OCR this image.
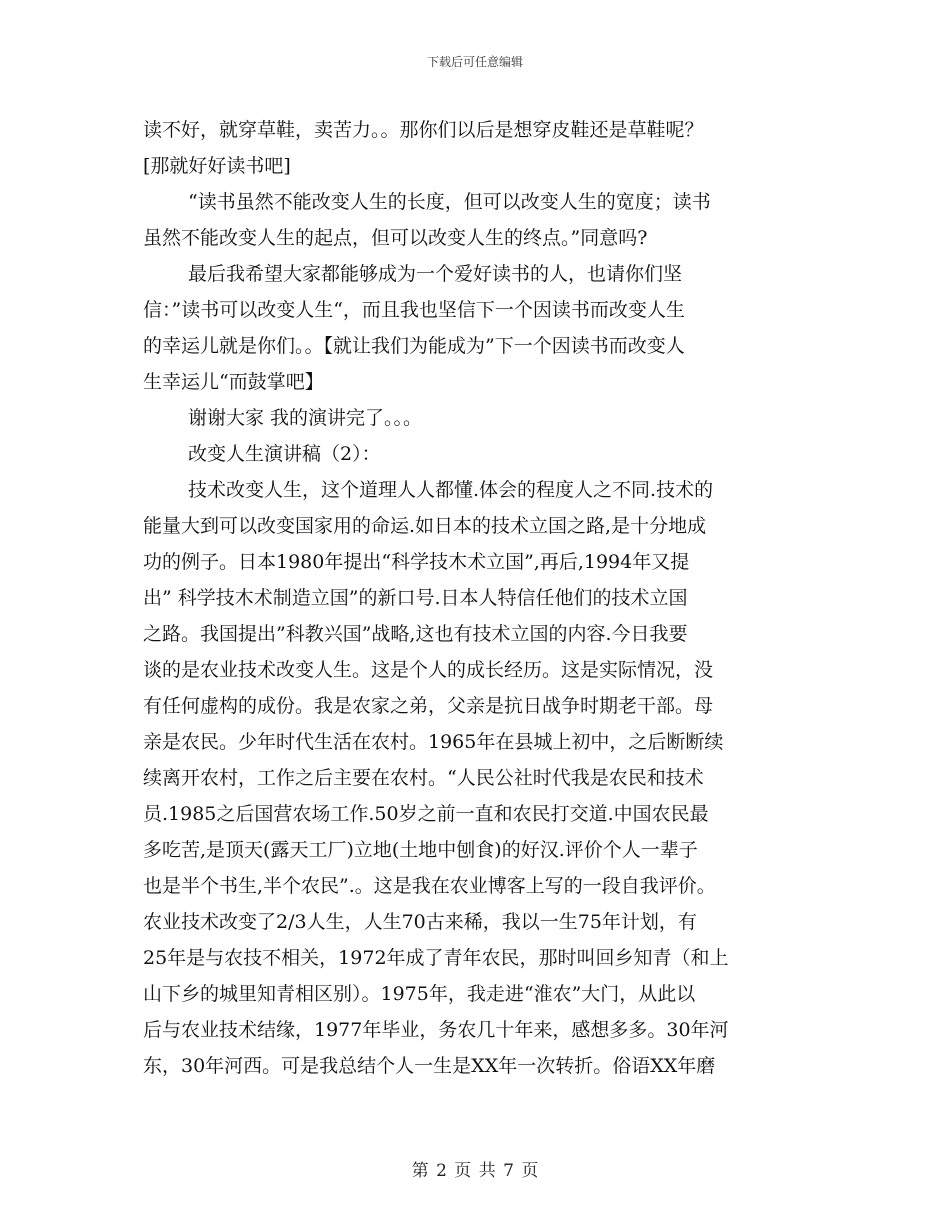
下载后可任意编辑
读不好，就穿草鞋，卖苦力。。那你们以后是想穿皮鞋还是草鞋呢？
[那就好好读书吧]
“读书虽然不能改变人生的长度，但可以改变人生的宽度；读书
虽然不能改变人生的起点，但可以改变人生的终点。”同意吗?
最后我希望大家都能够成为一个爱好读书的人，也请你们坚
信：”读书可以改变人生“，而且我也坚信下一个因读书而改变人生
的幸运儿就是你们。。【就让我们为能成为”下一个因读书而改变人
生幸运儿“而鼓掌吧】
谢谢大家 我的演讲完了。。。
改变人生演讲稿（2）：
技术改变人生，这个道理人人都懂.体会的程度人之不同.技术的
能量大到可以改变国家用的命运.如日本的技术立国之路,是十分地成
功的例子。日本1980年提出“科学技木术立国”,再后,1994年又提
出” 科学技木术制造立国”的新口号.日本人特信任他们的技术立国
之路。我国提出”科教兴国”战略,这也有技术立国的内容.今日我要
谈的是农业技术改变人生。这是个人的成长经历。这是实际情况，没
有任何虚构的成份。我是农家之弟，父亲是抗日战争时期老干部。母
亲是农民。少年时代生活在农村。1965年在县城上初中，之后断断续
续离开农村，工作之后主要在农村。“人民公社时代我是农民和技术
员.1985之后国营农场工作.50岁之前一直和农民打交道.中国农民最
多吃苦,是顶天(露天工厂)立地(土地中刨食)的好汉.评价个人一辈子
也是半个书生,半个农民”.。这是我在农业博客上写的一段自我评价。
农业技术改变了2/3人生，人生70古来稀，我以一生75年计划，有
25年是与农技不相关，1972年成了青年农民，那时叫回乡知青（和上
山下乡的城里知青相区别）。1975年，我走进“淮农”大门，从此以
后与农业技术结缘，1977年毕业，务农几十年来，感想多多。30年河
东，30年河西。可是我总结个人一生是XX年一次转折。俗语XX年磨
第 2 页 共 7 页
